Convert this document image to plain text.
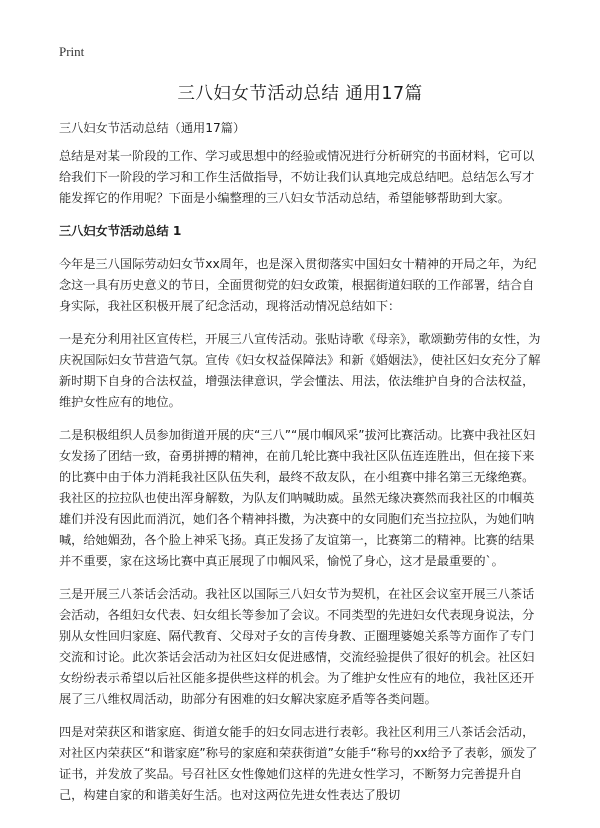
Print
三八妇女节活动总结 通用17篇

三八妇女节活动总结（通用17篇）

总结是对某一阶段的工作、学习或思想中的经验或情况进行分析研究的书面材料，它可以给我们下一阶段的学习和工作生活做指导，不妨让我们认真地完成总结吧。总结怎么写才能发挥它的作用呢？下面是小编整理的三八妇女节活动总结，希望能够帮助到大家。

三八妇女节活动总结 1

今年是三八国际劳动妇女节xx周年，也是深入贯彻落实中国妇女十精神的开局之年，为纪念这一具有历史意义的节日，全面贯彻党的妇女政策，根据街道妇联的工作部署，结合自身实际，我社区积极开展了纪念活动，现将活动情况总结如下：

一是充分利用社区宣传栏，开展三八宣传活动。张贴诗歌《母亲》，歌颂勤劳伟的女性，为庆祝国际妇女节营造气氛。宣传《妇女权益保障法》和新《婚姻法》，使社区妇女充分了解新时期下自身的合法权益，增强法律意识，学会懂法、用法，依法维护自身的合法权益，维护女性应有的地位。

二是积极组织人员参加街道开展的庆“三八”“展巾帼风采”拔河比赛活动。比赛中我社区妇女发扬了团结一致，奋勇拼搏的精神，在前几轮比赛中我社区队伍连连胜出，但在接下来的比赛中由于体力消耗我社区队伍失利，最终不敌友队，在小组赛中排名第三无缘绝赛。我社区的拉拉队也使出浑身解数，为队友们呐喊助威。虽然无缘决赛然而我社区的巾帼英雄们并没有因此而消沉，她们各个精神抖擞，为决赛中的女同胞们充当拉拉队，为她们呐喊，给她媚劲，各个脸上神采飞扬。真正发扬了友谊第一，比赛第二的精神。比赛的结果并不重要，家在这场比赛中真正展现了巾帼风采，愉悦了身心，这才是最重要的`。

三是开展三八茶话会活动。我社区以国际三八妇女节为契机，在社区会议室开展三八茶话会活动，各组妇女代表、妇女组长等参加了会议。不同类型的先进妇女代表现身说法，分别从女性回归家庭、隔代教育、父母对子女的言传身教、正圈理婆媳关系等方面作了专门交流和讨论。此次茶话会活动为社区妇女促进感情，交流经验提供了很好的机会。社区妇女纷纷表示希望以后社区能多提供些这样的机会。为了维护女性应有的地位，我社区还开展了三八维权周活动，助部分有困难的妇女解决家庭矛盾等各类问题。

四是对荣获区和谐家庭、街道女能手的妇女同志进行表彰。我社区利用三八茶话会活动，对社区内荣获区“和谐家庭”称号的家庭和荣获街道”女能手“称号的xx给予了表彰，颁发了证书，并发放了奖品。号召社区女性像她们这样的先进女性学习，不断努力完善提升自己，构建自家的和谐美好生活。也对这两位先进女性表达了殷切
